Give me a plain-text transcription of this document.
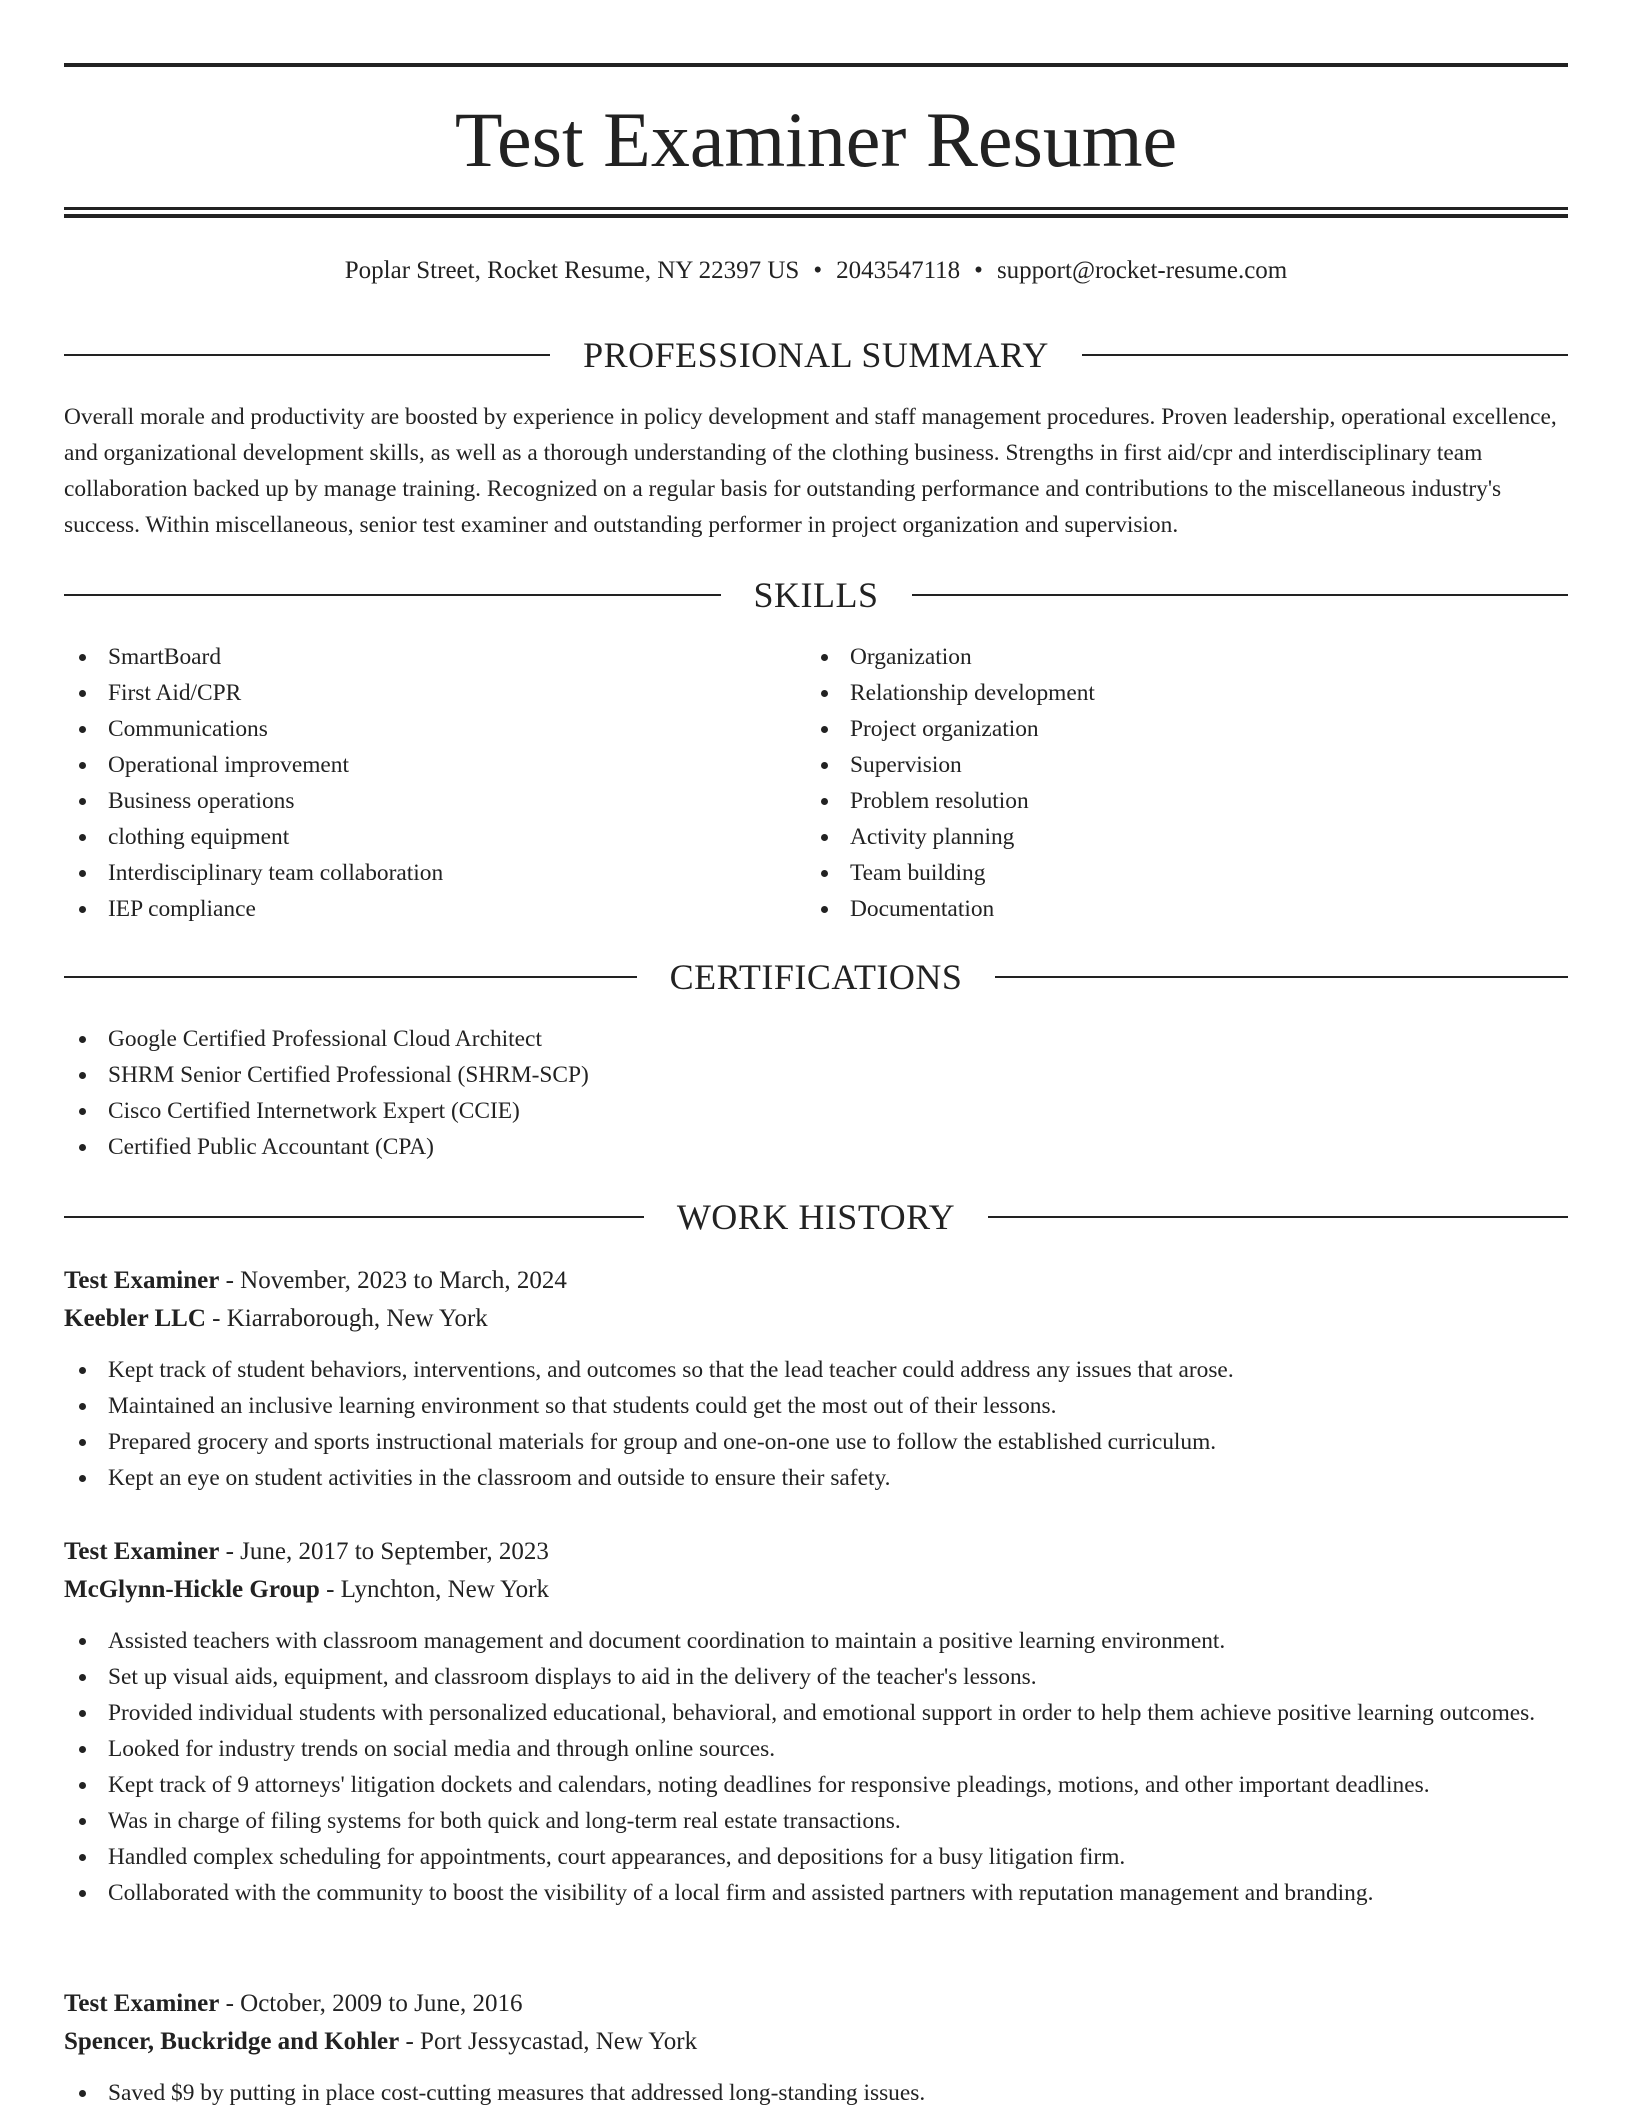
Test Examiner Resume
Poplar Street, Rocket Resume, NY 22397 US • 2043547118 • support@rocket-resume.com
PROFESSIONAL SUMMARY

Overall morale and productivity are boosted by experience in policy development and staff management procedures. Proven leadership, operational excellence, and organizational development skills, as well as a thorough understanding of the clothing business. Strengths in first aid/cpr and interdisciplinary team collaboration backed up by manage training. Recognized on a regular basis for outstanding performance and contributions to the miscellaneous industry's success. Within miscellaneous, senior test examiner and outstanding performer in project organization and supervision.

SKILLS
SmartBoard
First Aid/CPR
Communications
Operational improvement
Business operations
clothing equipment
Interdisciplinary team collaboration
IEP compliance
Organization
Relationship development
Project organization
Supervision
Problem resolution
Activity planning
Team building
Documentation
CERTIFICATIONS
Google Certified Professional Cloud Architect
SHRM Senior Certified Professional (SHRM-SCP)
Cisco Certified Internetwork Expert (CCIE)
Certified Public Accountant (CPA)
WORK HISTORY
Test Examiner - November, 2023 to March, 2024
Keebler LLC - Kiarraborough, New York
Kept track of student behaviors, interventions, and outcomes so that the lead teacher could address any issues that arose.
Maintained an inclusive learning environment so that students could get the most out of their lessons.
Prepared grocery and sports instructional materials for group and one-on-one use to follow the established curriculum.
Kept an eye on student activities in the classroom and outside to ensure their safety.
Test Examiner - June, 2017 to September, 2023
McGlynn-Hickle Group - Lynchton, New York
Assisted teachers with classroom management and document coordination to maintain a positive learning environment.
Set up visual aids, equipment, and classroom displays to aid in the delivery of the teacher's lessons.
Provided individual students with personalized educational, behavioral, and emotional support in order to help them achieve positive learning outcomes.
Looked for industry trends on social media and through online sources.
Kept track of 9 attorneys' litigation dockets and calendars, noting deadlines for responsive pleadings, motions, and other important deadlines.
Was in charge of filing systems for both quick and long-term real estate transactions.
Handled complex scheduling for appointments, court appearances, and depositions for a busy litigation firm.
Collaborated with the community to boost the visibility of a local firm and assisted partners with reputation management and branding.
Test Examiner - October, 2009 to June, 2016
Spencer, Buckridge and Kohler - Port Jessycastad, New York
Saved $9 by putting in place cost-cutting measures that addressed long-standing issues.
